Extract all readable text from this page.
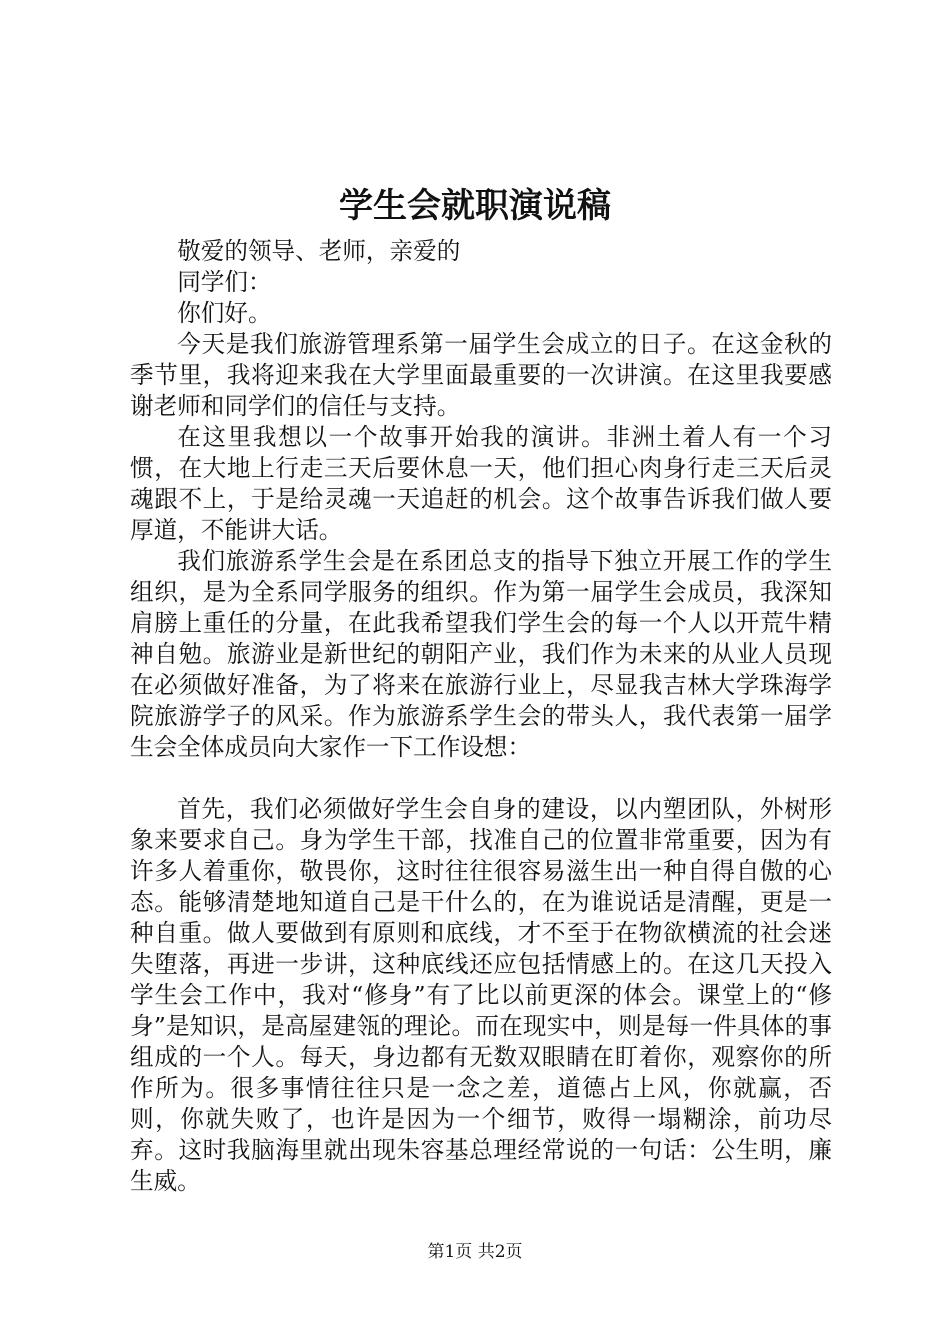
学生会就职演说稿

敬爱的领导、老师，亲爱的

同学们：

你们好。

今天是我们旅游管理系第一届学生会成立的日子。在这金秋的季节里，我将迎来我在大学里面最重要的一次讲演。在这里我要感谢老师和同学们的信任与支持。

在这里我想以一个故事开始我的演讲。非洲土着人有一个习惯，在大地上行走三天后要休息一天，他们担心肉身行走三天后灵魂跟不上，于是给灵魂一天追赶的机会。这个故事告诉我们做人要厚道，不能讲大话。

我们旅游系学生会是在系团总支的指导下独立开展工作的学生组织，是为全系同学服务的组织。作为第一届学生会成员，我深知肩膀上重任的分量，在此我希望我们学生会的每一个人以开荒牛精神自勉。旅游业是新世纪的朝阳产业，我们作为未来的从业人员现在必须做好准备，为了将来在旅游行业上，尽显我吉林大学珠海学院旅游学子的风采。作为旅游系学生会的带头人，我代表第一届学生会全体成员向大家作一下工作设想：

首先，我们必须做好学生会自身的建设，以内塑团队，外树形象来要求自己。身为学生干部，找准自己的位置非常重要，因为有许多人着重你，敬畏你，这时往往很容易滋生出一种自得自傲的心态。能够清楚地知道自己是干什么的，在为谁说话是清醒，更是一种自重。做人要做到有原则和底线，才不至于在物欲横流的社会迷失堕落，再进一步讲，这种底线还应包括情感上的。在这几天投入学生会工作中，我对“修身”有了比以前更深的体会。课堂上的“修身”是知识，是高屋建瓴的理论。而在现实中，则是每一件具体的事组成的一个人。每天，身边都有无数双眼睛在盯着你，观察你的所作所为。很多事情往往只是一念之差，道德占上风，你就赢，否则，你就失败了，也许是因为一个细节，败得一塌糊涂，前功尽弃。这时我脑海里就出现朱容基总理经常说的一句话：公生明，廉生威。

第1页 共2页
